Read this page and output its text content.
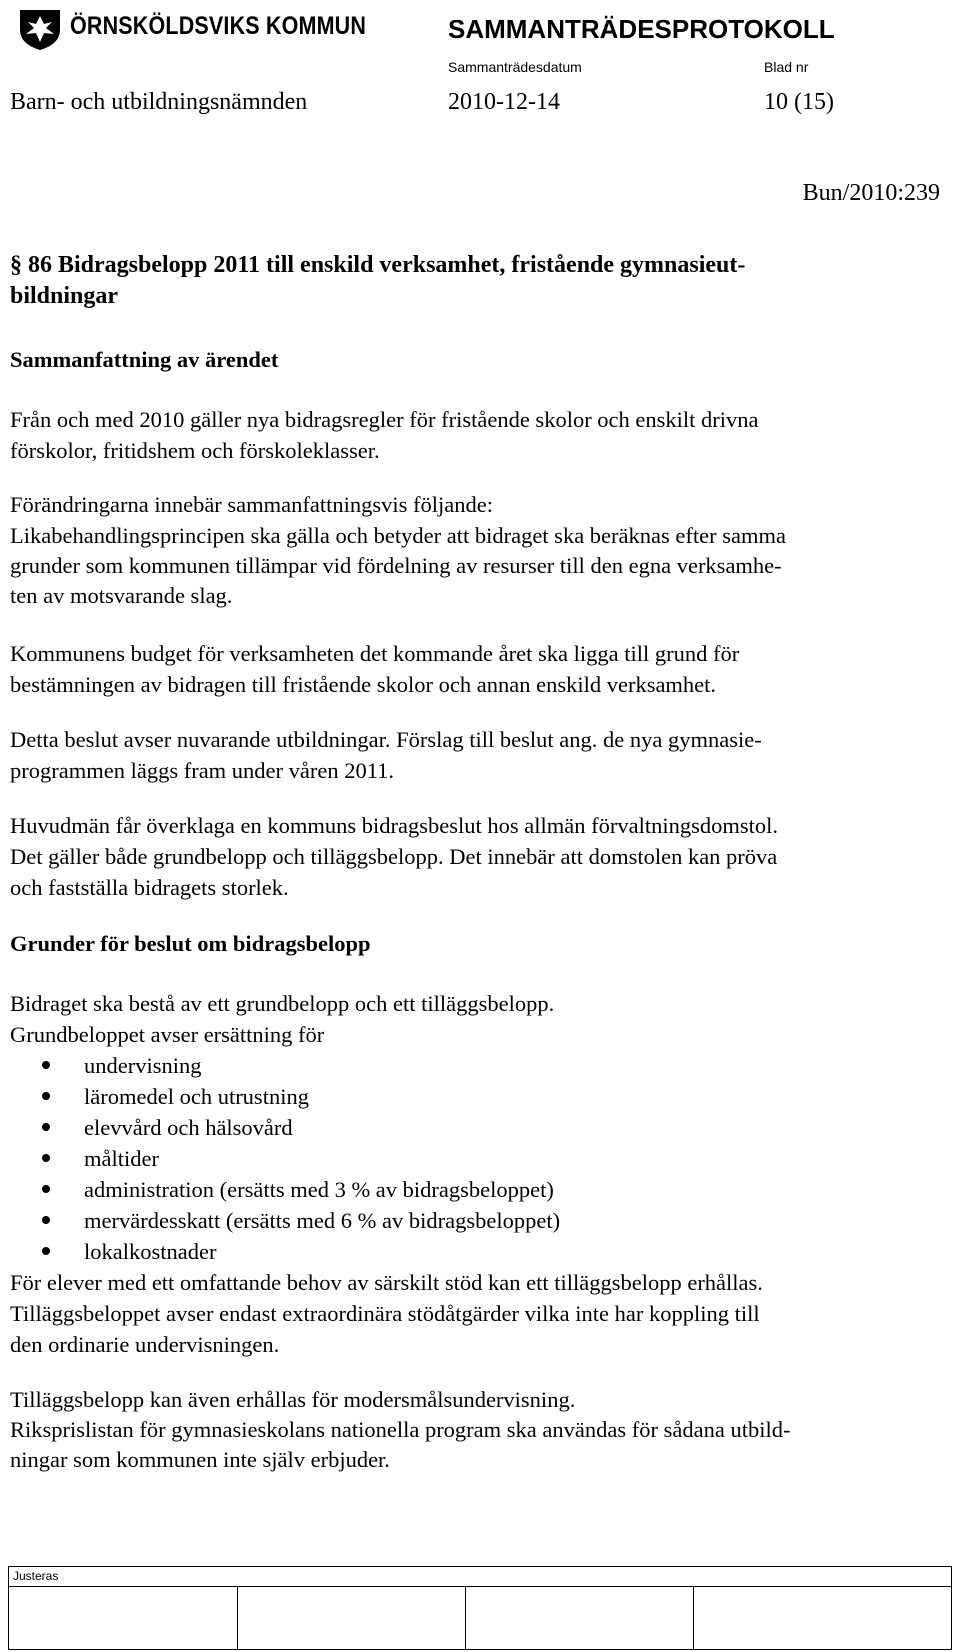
ÖRNSKÖLDSVIKS KOMMUN	SAMMANTRÄDESPROTOKOLL
Sammanträdesdatum	Blad nr
Barn- och utbildningsnämnden	2010-12-14	10 (15)
Bun/2010:239
§ 86 Bidragsbelopp 2011 till enskild verksamhet, fristående gymnasieut-
bildningar
Sammanfattning av ärendet
Från och med 2010 gäller nya bidragsregler för fristående skolor och enskilt drivna
förskolor, fritidshem och förskoleklasser.
Förändringarna innebär sammanfattningsvis följande:
Likabehandlingsprincipen ska gälla och betyder att bidraget ska beräknas efter samma
grunder som kommunen tillämpar vid fördelning av resurser till den egna verksamhe-
ten av motsvarande slag.
Kommunens budget för verksamheten det kommande året ska ligga till grund för
bestämningen av bidragen till fristående skolor och annan enskild verksamhet.
Detta beslut avser nuvarande utbildningar. Förslag till beslut ang. de nya gymnasie-
programmen läggs fram under våren 2011.
Huvudmän får överklaga en kommuns bidragsbeslut hos allmän förvaltningsdomstol.
Det gäller både grundbelopp och tilläggsbelopp. Det innebär att domstolen kan pröva
och fastställa bidragets storlek.
Grunder för beslut om bidragsbelopp
Bidraget ska bestå av ett grundbelopp och ett tilläggsbelopp.
Grundbeloppet avser ersättning för
undervisning
läromedel och utrustning
elevvård och hälsovård
måltider
administration (ersätts med 3 % av bidragsbeloppet)
mervärdesskatt (ersätts med 6 % av bidragsbeloppet)
lokalkostnader
För elever med ett omfattande behov av särskilt stöd kan ett tilläggsbelopp erhållas.
Tilläggsbeloppet avser endast extraordinära stödåtgärder vilka inte har koppling till
den ordinarie undervisningen.
Tilläggsbelopp kan även erhållas för modersmålsundervisning.
Riksprislistan för gymnasieskolans nationella program ska användas för sådana utbild-
ningar som kommunen inte själv erbjuder.
Justeras
